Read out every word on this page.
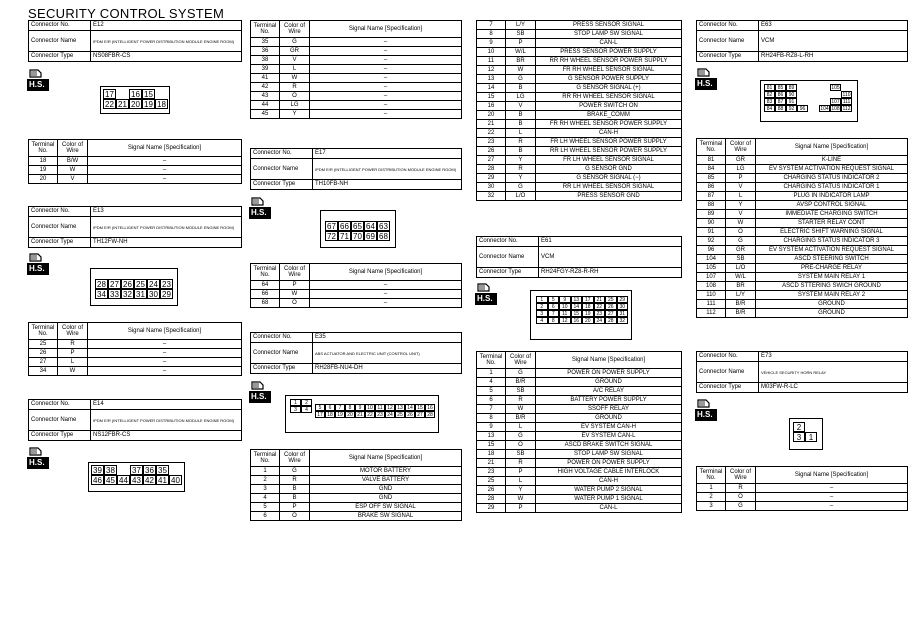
SECURITY CONTROL SYSTEM
Connector No.	E12
Connector Name	IPDM E/R (INTELLIGENT POWER DISTRIBUTION MODULE ENGINE ROOM)
Connector Type	NS08FBR-CS
H.S.
17 16 15
22 21 20 19 18
Terminal No.	Color of Wire	Signal Name [Specification]
18	B/W	–
19	W	–
20	V	–
Connector No.	E13
Connector Name	IPDM E/R (INTELLIGENT POWER DISTRIBUTION MODULE ENGINE ROOM)
Connector Type	TH12FW-NH
H.S.
28 27 26 25 24 23
34 33 32 31 30 29
Terminal No.	Color of Wire	Signal Name [Specification]
25	R	–
26	P	–
27	L	–
34	W	–
Connector No.	E14
Connector Name	IPDM E/R (INTELLIGENT POWER DISTRIBUTION MODULE ENGINE ROOM)
Connector Type	NS12FBR-CS
H.S.
39 38 37 36 35
46 45 44 43 42 41 40
Terminal No.	Color of Wire	Signal Name [Specification]
35	G	–
36	GR	–
38	V	–
39	L	–
41	W	–
42	R	–
43	O	–
44	LG	–
45	Y	–
Connector No.	E17
Connector Name	IPDM E/R (INTELLIGENT POWER DISTRIBUTION MODULE ENGINE ROOM)
Connector Type	TH10FB-NH
H.S.
67 66 65 64 63
72 71 70 69 68
Terminal No.	Color of Wire	Signal Name [Specification]
64	P	–
66	W	–
68	O	–
Connector No.	E35
Connector Name	ABS ACTUATOR AND ELECTRIC UNIT (CONTROL UNIT)
Connector Type	RH28FB-NU4-DH
H.S.
5	6	7	8	9	10 11 12 13 14 15 16
17 18 19 20 21 22 23 24 25 26 27 28
1	2
3	4
Terminal No.	Color of Wire	Signal Name [Specification]
1	G	MOTOR BATTERY
2	R	VALVE BATTERY
3	B	GND
4	B	GND
5	P	ESP OFF SW SIGNAL
6	O	BRAKE SW SIGNAL
7	L/Y	PRESS SENSOR SIGNAL
8	SB	STOP LAMP SW SIGNAL
9	P	CAN-L
10	W/L	PRESS SENSOR POWER SUPPLY
11	BR	RR RH WHEEL SENSOR POWER SUPPLY
12	W	FR RH WHEEL SENSOR SIGNAL
13	G	G SENSOR POWER SUPPLY
14	B	G SENSOR SIGNAL (+)
15	LG	RR RH WHEEL SENSOR SIGNAL
16	V	POWER SWITCH ON
20	B	BRAKE_COMM
21	B	FR RH WHEEL SENSOR POWER SUPPLY
22	L	CAN-H
23	R	FR LH WHEEL SENSOR POWER SUPPLY
26	B	RR LH WHEEL SENSOR POWER SUPPLY
27	Y	FR LH WHEEL SENSOR SIGNAL
28	R	G SENSOR GND
29	Y	G SENSOR SIGNAL (−)
30	G	RR LH WHEEL SENSOR SIGNAL
32	L/O	PRESS SENSOR GND
Connector No.	E61
Connector Name	VCM
Connector Type	RH24FGY-RZ8-R-RH
H.S.	1	5	9	13	17	21	25	29
2	6	10	14	18	22	26	30
3	7	11	15	19	23	27	31
4	8	12	16	20	24	28	32
Terminal No.	Color of Wire	Signal Name [Specification]
1	G	POWER ON POWER SUPPLY
4	B/R	GROUND
5	SB	A/C RELAY
6	R	BATTERY POWER SUPPLY
7	W	SSOFF RELAY
8	B/R	GROUND
9	L	EV SYSTEM CAN-H
13	G	EV SYSTEM CAN-L
15	O	ASCD BRAKE SWITCH SIGNAL
18	SB	STOP LAMP SW SIGNAL
21	R	POWER ON POWER SUPPLY
23	P	HIGH VOLTAGE CABLE INTERLOCK
25	L	CAN-H
26	Y	WATER PUMP 2 SIGNAL
28	W	WATER PUMP 1 SIGNAL
29	P	CAN-L
Connector No.	E63
Connector Name	VCM
Connector Type	RH24FB-RZ8-L-RH
H.S.	81	85	89	105
82	86	90	110
83	87	91	107 111
84	88	92	96	104 108 112
Terminal No.	Color of Wire	Signal Name [Specification]
81	GR	K-LINE
84	LG	EV SYSTEM ACTIVATION REQUEST SIGNAL
85	P	CHARGING STATUS INDICATOR 2
86	V	CHARGING STATUS INDICATOR 1
87	L	PLUG IN INDICATOR LAMP
88	Y	AVSP CONTROL SIGNAL
89	V	IMMEDIATE CHARGING SWITCH
90	W	STARTER RELAY CONT
91	O	ELECTRIC SHIFT WARNING SIGNAL
92	G	CHARGING STATUS INDICATOR 3
96	GR	EV SYSTEM ACTIVATION REQUEST SIGNAL
104	SB	ASCD STEERING SWITCH
105	L/O	PRE-CHARGE RELAY
107	W/L	SYSTEM MAIN RELAY 1
108	BR	ASCD STTERING SWICH GROUND
110	L/Y	SYSTEM MAIN RELAY 2
111	B/R	GROUND
112	B/R	GROUND
Connector No.	E73
Connector Name	VEHICLE SECURITY HORN RELAY
Connector Type	M03FW-R-LC
H.S.
2
3 1
Terminal No.	Color of Wire	Signal Name [Specification]
1	R	–
2	O	–
3	G	–
